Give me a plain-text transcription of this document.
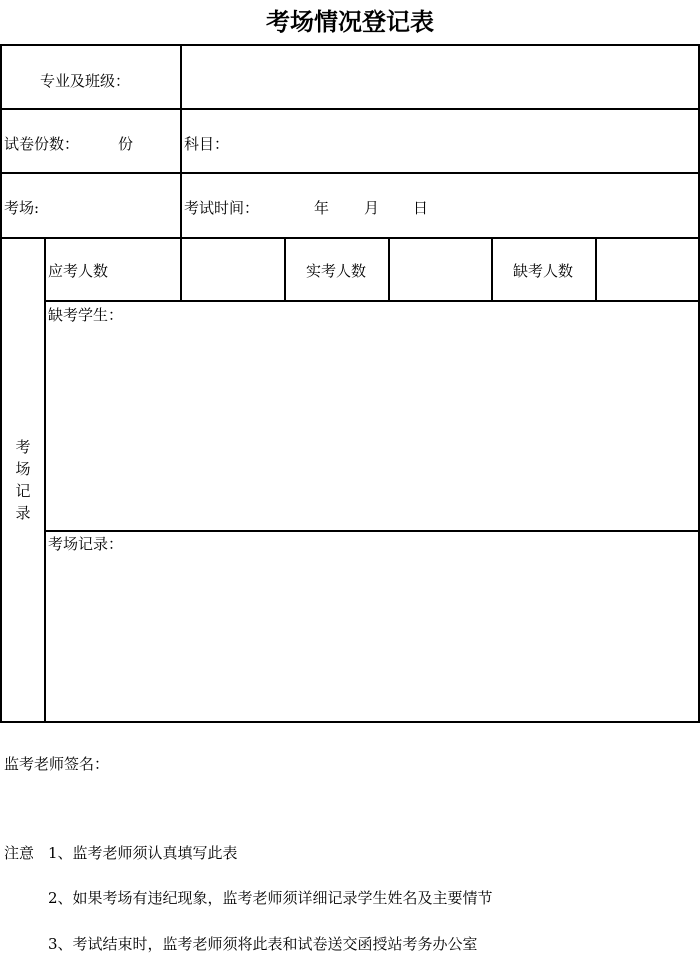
考场情况登记表
专业及班级：
试卷份数：	份	科目：
考场:	考试时间：	年 月 日
考场记录
应考人数	实考人数	缺考人数
缺考学生：
考场记录：
监考老师签名：
注意 1、监考老师须认真填写此表
2、如果考场有违纪现象，监考老师须详细记录学生姓名及主要情节
3、考试结束时，监考老师须将此表和试卷送交函授站考务办公室
